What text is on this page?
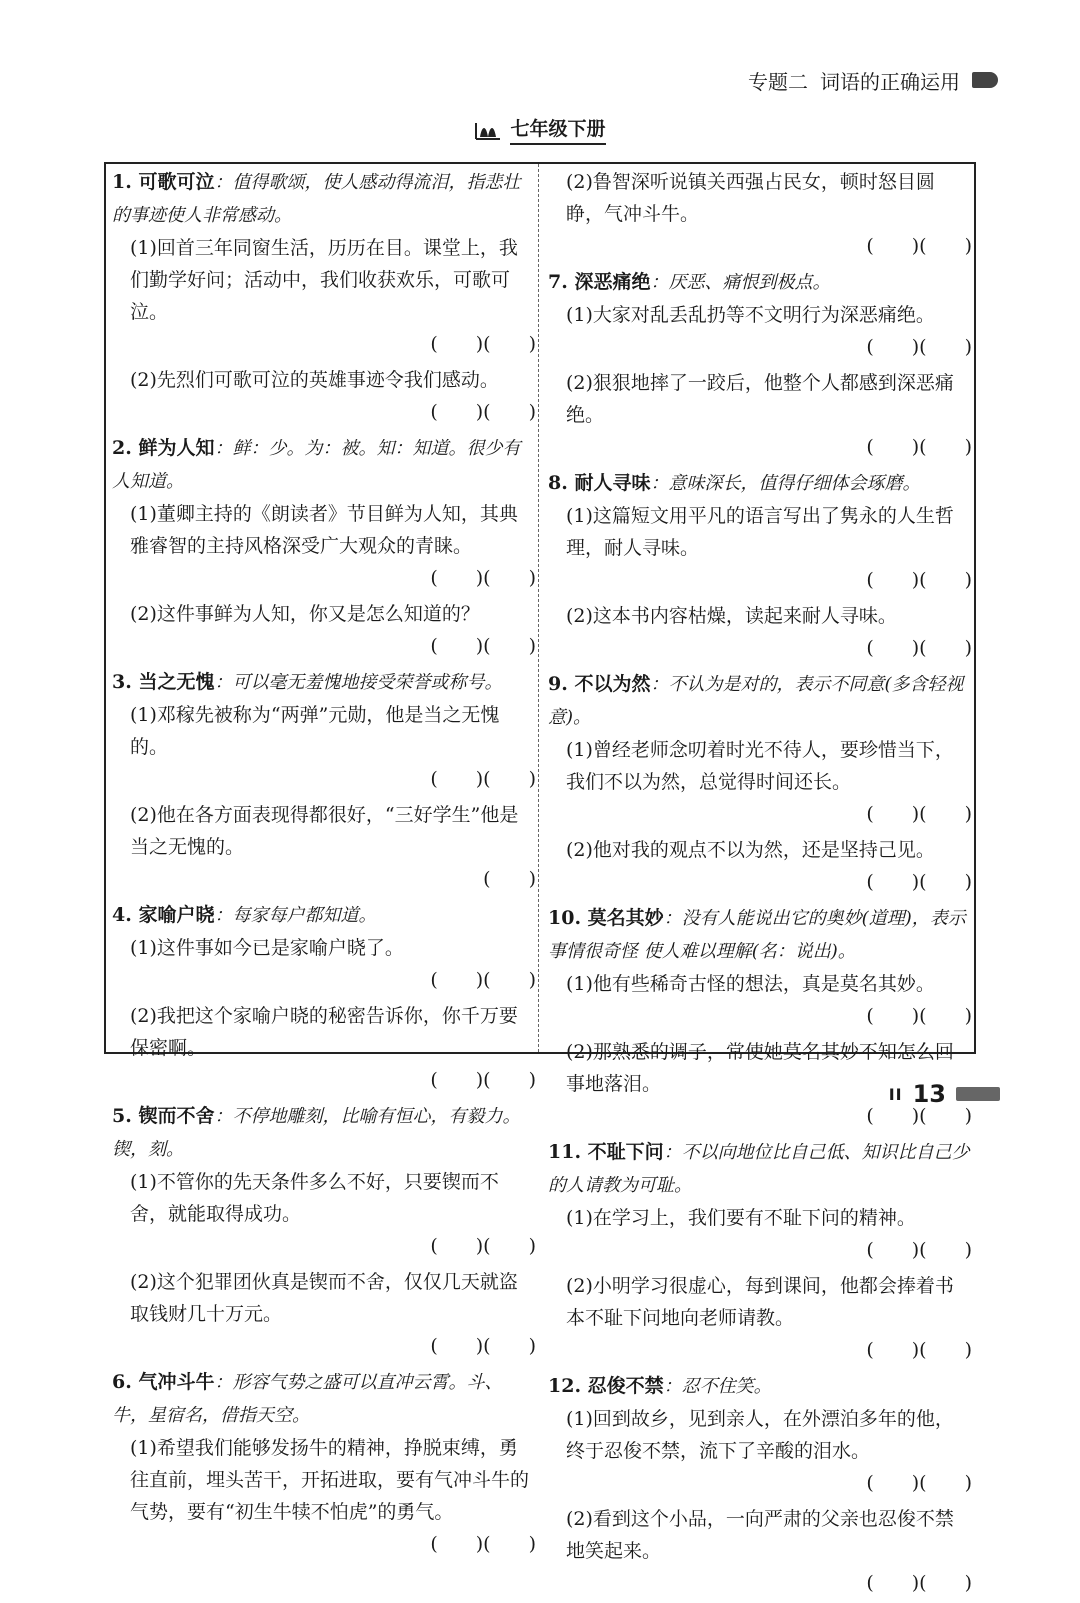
专题二 词语的正确运用
七年级下册
1. 可歌可泣：值得歌颂，使人感动得流泪，指悲壮的事迹使人非常感动。
(1)回首三年同窗生活，历历在目。课堂上，我们勤学好问；活动中，我们收获欢乐，可歌可泣。
(　　)(　　)
(2)先烈们可歌可泣的英雄事迹令我们感动。
(　　)(　　)
2. 鲜为人知：鲜：少。为：被。知：知道。很少有人知道。
(1)董卿主持的《朗读者》节目鲜为人知，其典雅睿智的主持风格深受广大观众的青睐。
(　　)(　　)
(2)这件事鲜为人知，你又是怎么知道的？
(　　)(　　)
3. 当之无愧：可以毫无羞愧地接受荣誉或称号。
(1)邓稼先被称为“两弹”元勋，他是当之无愧的。
(　　)(　　)
(2)他在各方面表现得都很好，“三好学生”他是当之无愧的。
(　　)
4. 家喻户晓：每家每户都知道。
(1)这件事如今已是家喻户晓了。
(　　)(　　)
(2)我把这个家喻户晓的秘密告诉你，你千万要保密啊。
(　　)(　　)
5. 锲而不舍：不停地雕刻，比喻有恒心，有毅力。锲，刻。
(1)不管你的先天条件多么不好，只要锲而不舍，就能取得成功。
(　　)(　　)
(2)这个犯罪团伙真是锲而不舍，仅仅几天就盗取钱财几十万元。
(　　)(　　)
6. 气冲斗牛：形容气势之盛可以直冲云霄。斗、牛，星宿名，借指天空。
(1)希望我们能够发扬牛的精神，挣脱束缚，勇往直前，埋头苦干，开拓进取，要有气冲斗牛的气势，要有“初生牛犊不怕虎”的勇气。
(　　)(　　)
(2)鲁智深听说镇关西强占民女，顿时怒目圆睁，气冲斗牛。
(　　)(　　)
7. 深恶痛绝：厌恶、痛恨到极点。
(1)大家对乱丢乱扔等不文明行为深恶痛绝。
(　　)(　　)
(2)狠狠地摔了一跤后，他整个人都感到深恶痛绝。
(　　)(　　)
8. 耐人寻味：意味深长，值得仔细体会琢磨。
(1)这篇短文用平凡的语言写出了隽永的人生哲理，耐人寻味。
(　　)(　　)
(2)这本书内容枯燥，读起来耐人寻味。
(　　)(　　)
9. 不以为然：不认为是对的，表示不同意(多含轻视意)。
(1)曾经老师念叨着时光不待人，要珍惜当下，我们不以为然，总觉得时间还长。
(　　)(　　)
(2)他对我的观点不以为然，还是坚持己见。
(　　)(　　)
10. 莫名其妙：没有人能说出它的奥妙(道理)，表示事情很奇怪 使人难以理解(名：说出)。
(1)他有些稀奇古怪的想法，真是莫名其妙。
(　　)(　　)
(2)那熟悉的调子，常使她莫名其妙不知怎么回事地落泪。
(　　)(　　)
11. 不耻下问：不以向地位比自己低、知识比自己少的人请教为可耻。
(1)在学习上，我们要有不耻下问的精神。
(　　)(　　)
(2)小明学习很虚心，每到课间，他都会捧着书本不耻下问地向老师请教。
(　　)(　　)
12. 忍俊不禁：忍不住笑。
(1)回到故乡，见到亲人，在外漂泊多年的他，终于忍俊不禁，流下了辛酸的泪水。
(　　)(　　)
(2)看到这个小品，一向严肃的父亲也忍俊不禁地笑起来。
(　　)(　　)
II 13
